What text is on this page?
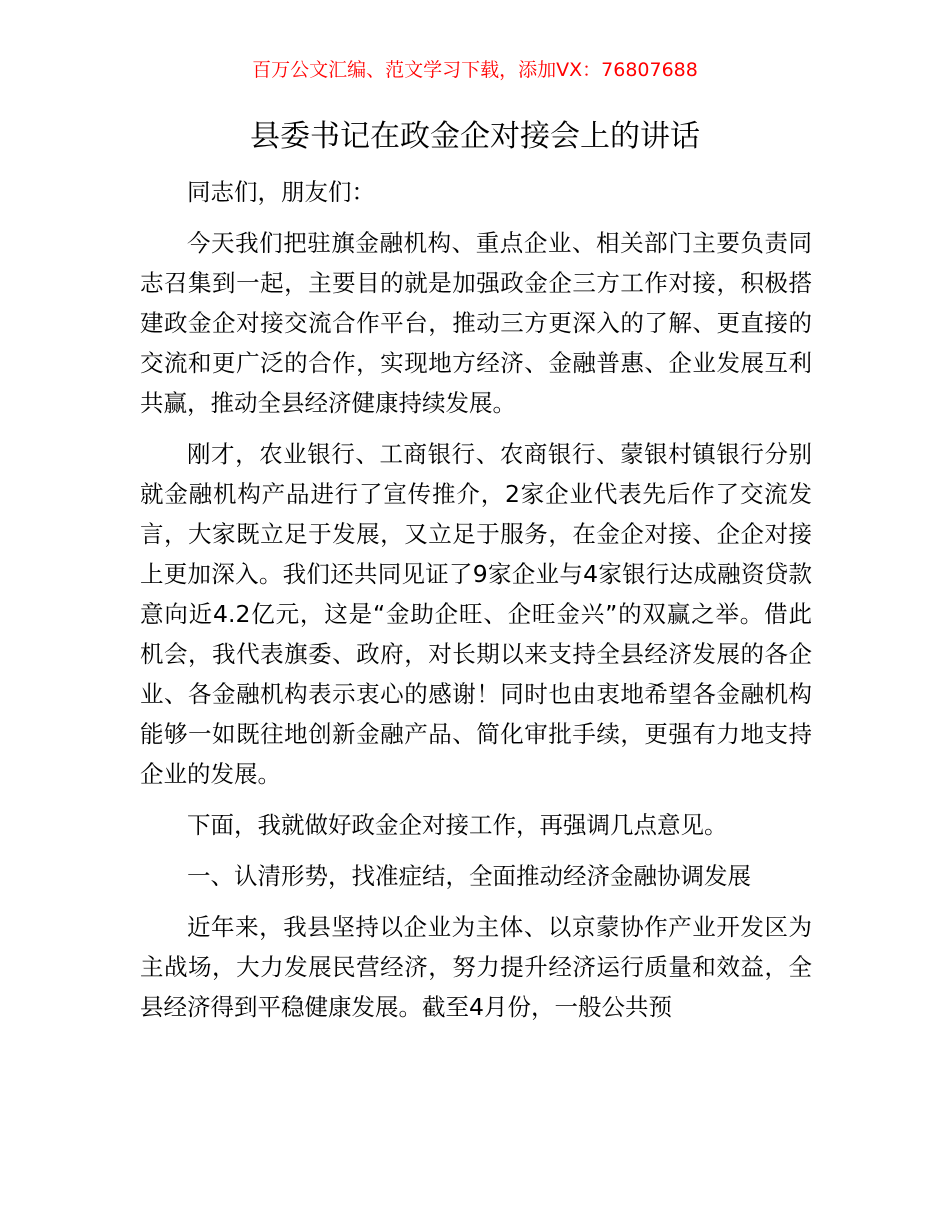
百万公文汇编、范文学习下载，添加VX：76807688
县委书记在政金企对接会上的讲话

同志们，朋友们：

今天我们把驻旗金融机构、重点企业、相关部门主要负责同志召集到一起，主要目的就是加强政金企三方工作对接，积极搭建政金企对接交流合作平台，推动三方更深入的了解、更直接的交流和更广泛的合作，实现地方经济、金融普惠、企业发展互利共赢，推动全县经济健康持续发展。

刚才，农业银行、工商银行、农商银行、蒙银村镇银行分别就金融机构产品进行了宣传推介，2家企业代表先后作了交流发言，大家既立足于发展，又立足于服务，在金企对接、企企对接上更加深入。我们还共同见证了9家企业与4家银行达成融资贷款意向近4.2亿元，这是“金助企旺、企旺金兴”的双赢之举。借此机会，我代表旗委、政府，对长期以来支持全县经济发展的各企业、各金融机构表示衷心的感谢！同时也由衷地希望各金融机构能够一如既往地创新金融产品、简化审批手续，更强有力地支持企业的发展。

下面，我就做好政金企对接工作，再强调几点意见。

一、认清形势，找准症结，全面推动经济金融协调发展

近年来，我县坚持以企业为主体、以京蒙协作产业开发区为主战场，大力发展民营经济，努力提升经济运行质量和效益，全县经济得到平稳健康发展。截至4月份，一般公共预
